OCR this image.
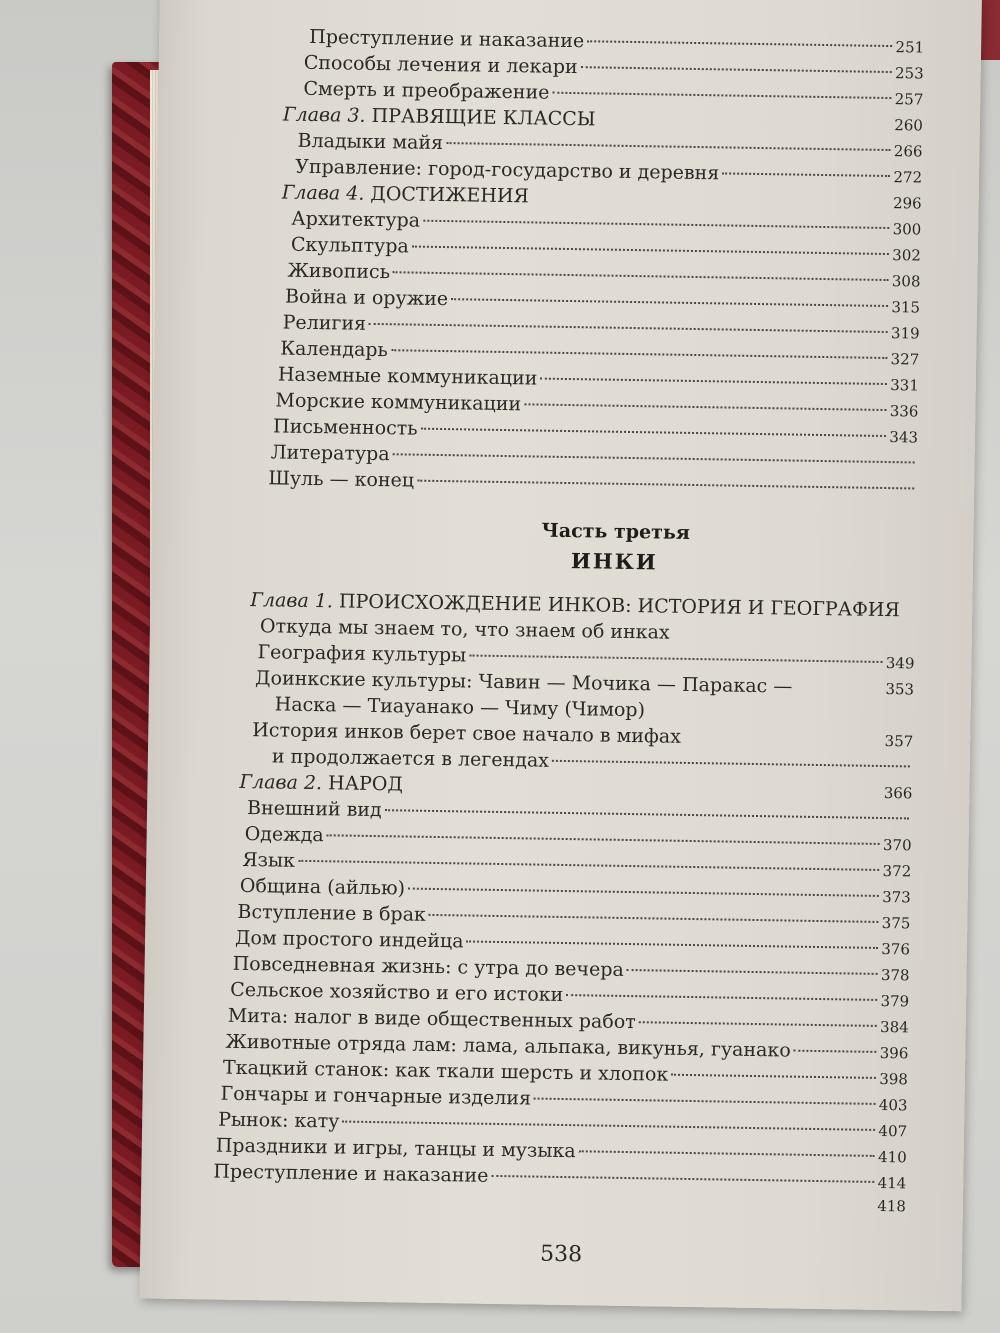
Преступление и наказание	251
Способы лечения и лекари	253
Смерть и преображение	257
Глава 3. ПРАВЯЩИЕ КЛАССЫ	260
Владыки майя	266
Управление: город-государство и деревня	272
Глава 4. ДОСТИЖЕНИЯ	296
Архитектура	300
Скульптура	302
Живопись	308
Война и оружие	315
Религия	319
Календарь	327
Наземные коммуникации	331
Морские коммуникации	336
Письменность	343
Литература
Шуль — конец
Часть третья
ИНКИ
Глава 1. ПРОИСХОЖДЕНИЕ ИНКОВ: ИСТОРИЯ И ГЕОГРАФИЯ
Откуда мы знаем то, что знаем об инках
География культуры	349
Доинкские культуры: Чавин — Мочика — Паракас —	353
Наска — Тиауанако — Чиму (Чимор)
История инков берет свое начало в мифах	357
и продолжается в легендах
Глава 2. НАРОД	366
Внешний вид
Одежда	370
Язык	372
Община (айлью)	373
Вступление в брак	375
Дом простого индейца	376
Повседневная жизнь: с утра до вечера	378
Сельское хозяйство и его истоки	379
Мита: налог в виде общественных работ	384
Животные отряда лам: лама, альпака, викунья, гуанако	396
Ткацкий станок: как ткали шерсть и хлопок	398
Гончары и гончарные изделия	403
Рынок: кату	407
Праздники и игры, танцы и музыка	410
Преступление и наказание	414
418
538
